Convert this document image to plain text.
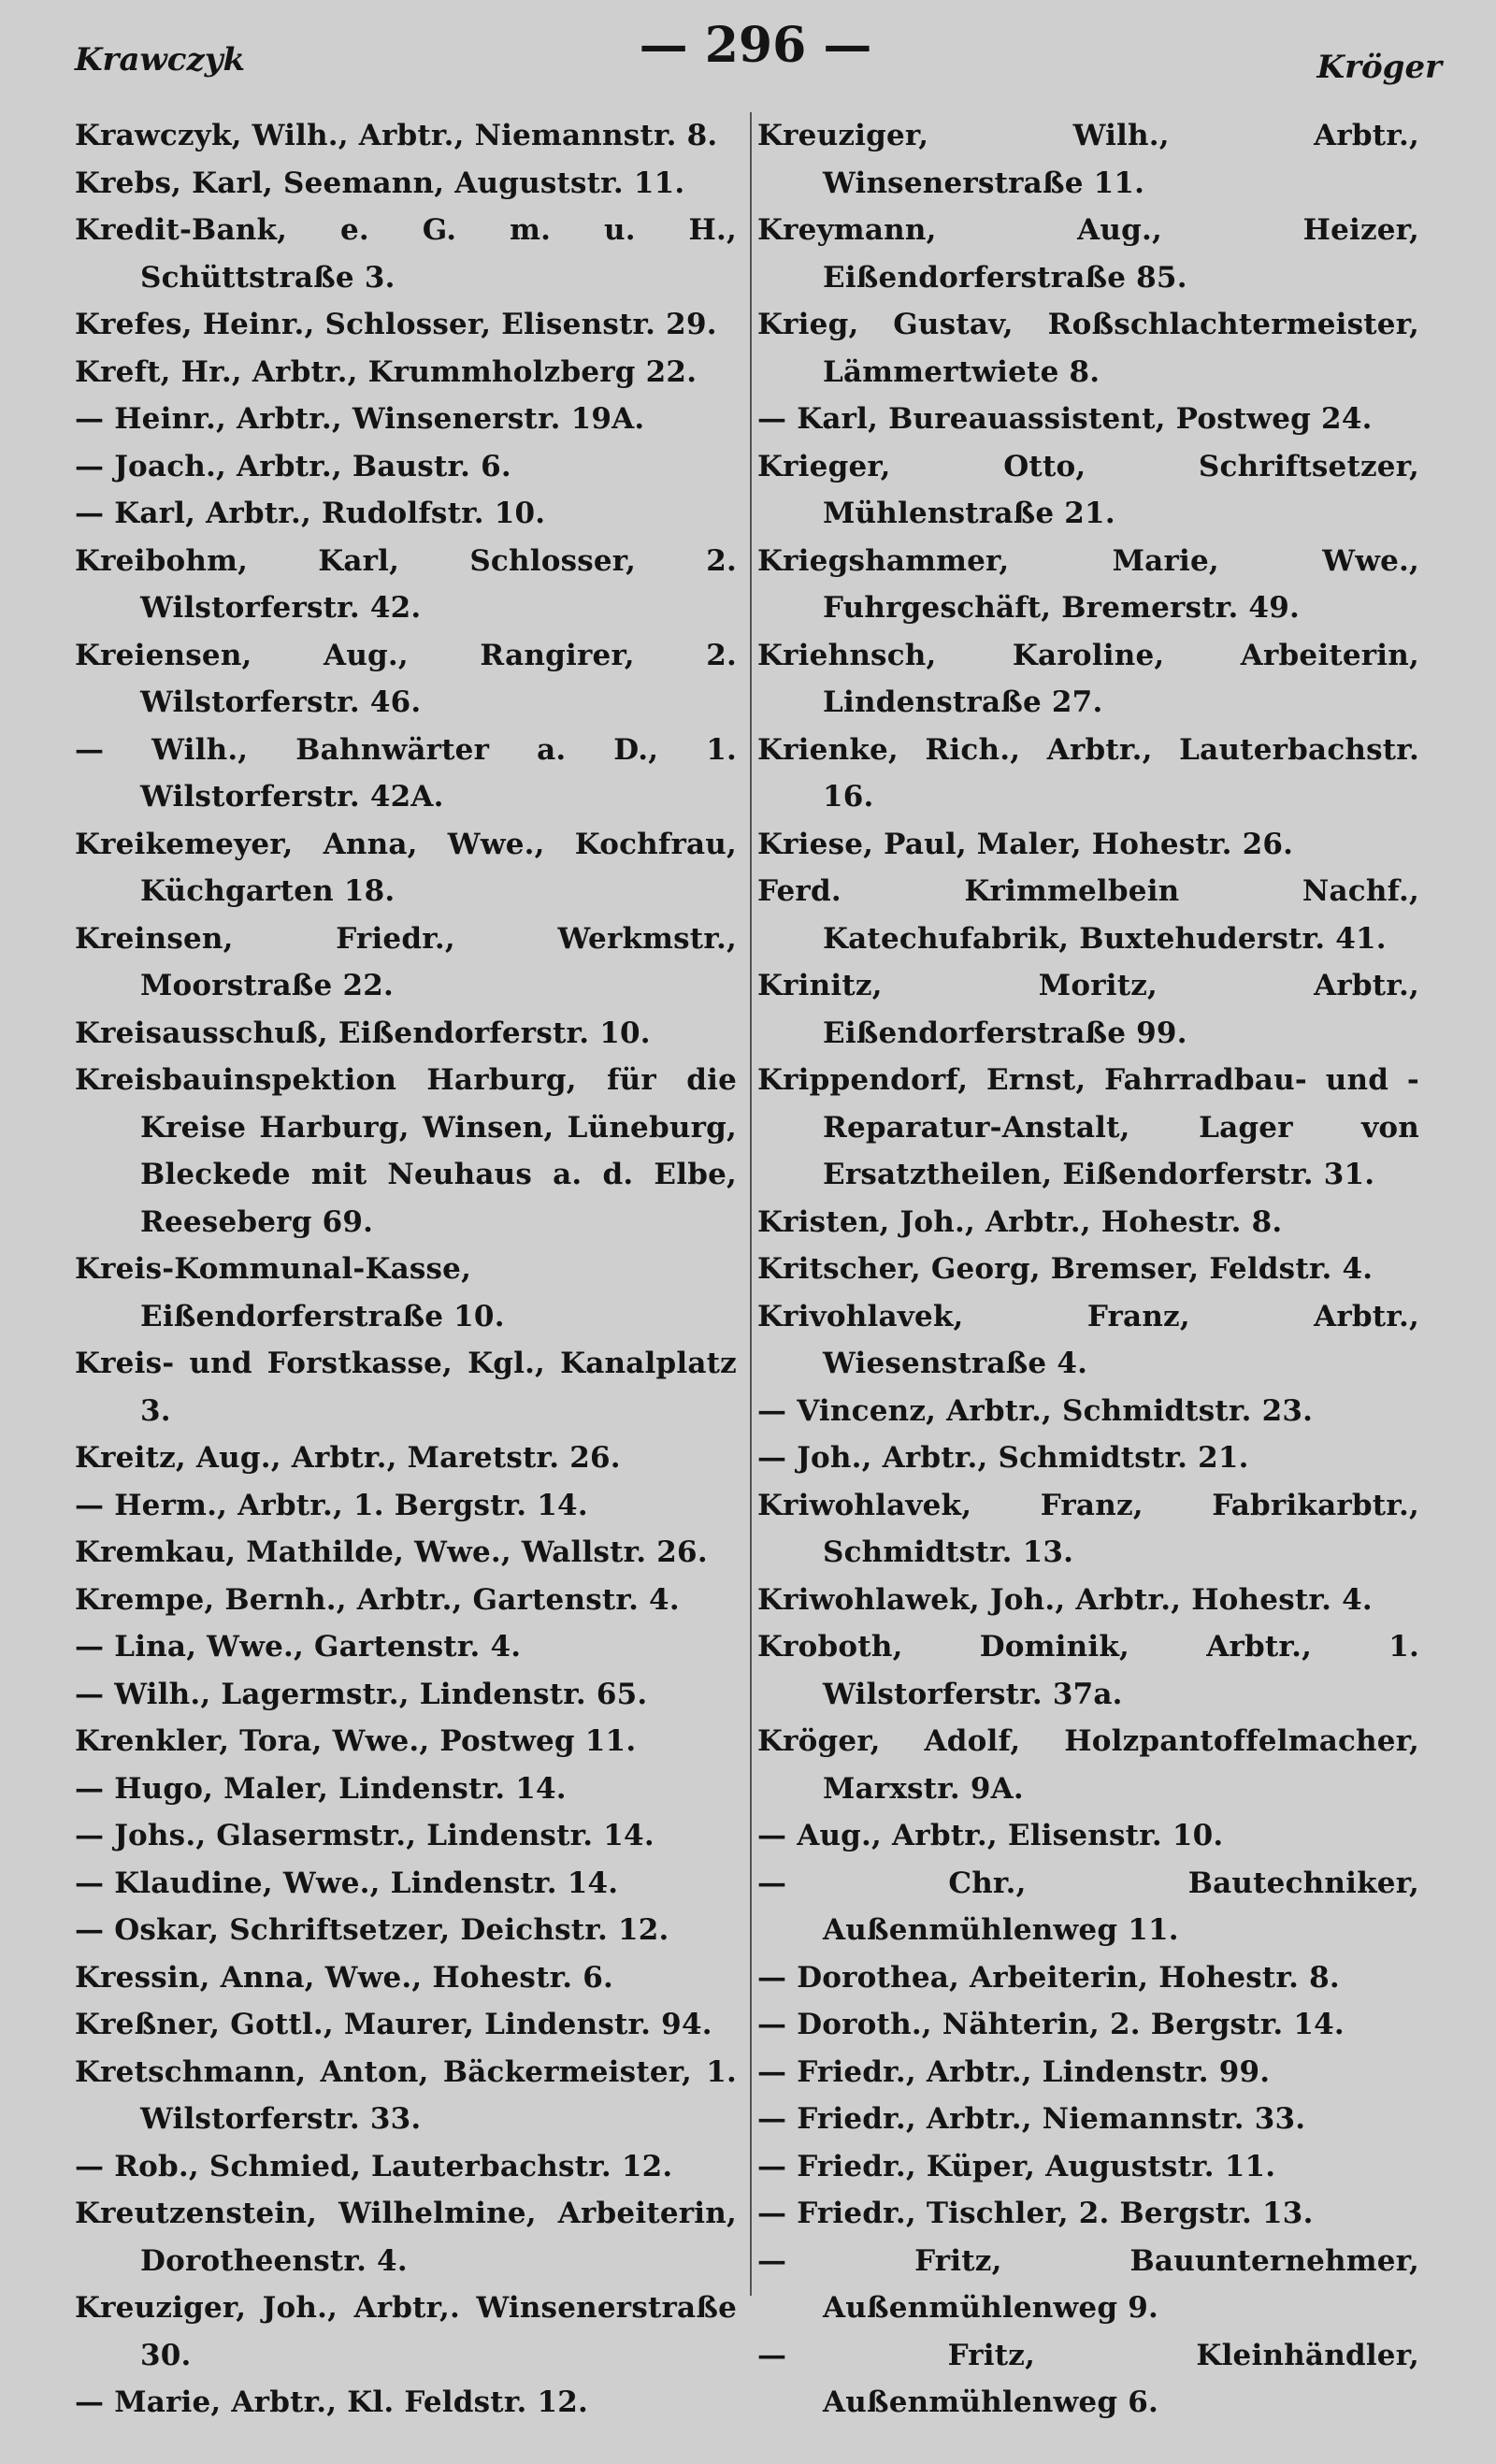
Krawczyk	— 296 —	Kröger
Krawczyk, Wilh., Arbtr., Niemannstr. 8.
Krebs, Karl, Seemann, Auguststr. 11.
Kredit-Bank, e. G. m. u. H., Schüttstraße 3.
Krefes, Heinr., Schlosser, Elisenstr. 29.
Kreft, Hr., Arbtr., Krummholzberg 22.
— Heinr., Arbtr., Winsenerstr. 19A.
— Joach., Arbtr., Baustr. 6.
— Karl, Arbtr., Rudolfstr. 10.
Kreibohm, Karl, Schlosser, 2. Wilstorferstr. 42.
Kreiensen, Aug., Rangirer, 2. Wilstorferstr. 46.
— Wilh., Bahnwärter a. D., 1. Wilstorferstr. 42A.
Kreikemeyer, Anna, Wwe., Kochfrau, Küchgarten 18.
Kreinsen, Friedr., Werkmstr., Moorstraße 22.
Kreisausschuß, Eißendorferstr. 10.
Kreisbauinspektion Harburg, für die Kreise Harburg, Winsen, Lüneburg, Bleckede mit Neuhaus a. d. Elbe, Reeseberg 69.
Kreis-Kommunal-Kasse, Eißendorferstraße 10.
Kreis- und Forstkasse, Kgl., Kanalplatz 3.
Kreitz, Aug., Arbtr., Maretstr. 26.
— Herm., Arbtr., 1. Bergstr. 14.
Kremkau, Mathilde, Wwe., Wallstr. 26.
Krempe, Bernh., Arbtr., Gartenstr. 4.
— Lina, Wwe., Gartenstr. 4.
— Wilh., Lagermstr., Lindenstr. 65.
Krenkler, Tora, Wwe., Postweg 11.
— Hugo, Maler, Lindenstr. 14.
— Johs., Glasermstr., Lindenstr. 14.
— Klaudine, Wwe., Lindenstr. 14.
— Oskar, Schriftsetzer, Deichstr. 12.
Kressin, Anna, Wwe., Hohestr. 6.
Kreßner, Gottl., Maurer, Lindenstr. 94.
Kretschmann, Anton, Bäckermeister, 1. Wilstorferstr. 33.
— Rob., Schmied, Lauterbachstr. 12.
Kreutzenstein, Wilhelmine, Arbeiterin, Dorotheenstr. 4.
Kreuziger, Joh., Arbtr,. Winsenerstraße 30.
— Marie, Arbtr., Kl. Feldstr. 12.
Kreuziger, Wilh., Arbtr., Winsenerstraße 11.
Kreymann, Aug., Heizer, Eißendorferstraße 85.
Krieg, Gustav, Roßschlachtermeister, Lämmertwiete 8.
— Karl, Bureauassistent, Postweg 24.
Krieger, Otto, Schriftsetzer, Mühlenstraße 21.
Kriegshammer, Marie, Wwe., Fuhrgeschäft, Bremerstr. 49.
Kriehnsch, Karoline, Arbeiterin, Lindenstraße 27.
Krienke, Rich., Arbtr., Lauterbachstr. 16.
Kriese, Paul, Maler, Hohestr. 26.
Ferd. Krimmelbein Nachf., Katechufabrik, Buxtehuderstr. 41.
Krinitz, Moritz, Arbtr., Eißendorferstraße 99.
Krippendorf, Ernst, Fahrradbau- und -Reparatur-Anstalt, Lager von Ersatztheilen, Eißendorferstr. 31.
Kristen, Joh., Arbtr., Hohestr. 8.
Kritscher, Georg, Bremser, Feldstr. 4.
Krivohlavek, Franz, Arbtr., Wiesenstraße 4.
— Vincenz, Arbtr., Schmidtstr. 23.
— Joh., Arbtr., Schmidtstr. 21.
Kriwohlavek, Franz, Fabrikarbtr., Schmidtstr. 13.
Kriwohlawek, Joh., Arbtr., Hohestr. 4.
Kroboth, Dominik, Arbtr., 1. Wilstorferstr. 37a.
Kröger, Adolf, Holzpantoffelmacher, Marxstr. 9A.
— Aug., Arbtr., Elisenstr. 10.
— Chr., Bautechniker, Außenmühlenweg 11.
— Dorothea, Arbeiterin, Hohestr. 8.
— Doroth., Nähterin, 2. Bergstr. 14.
— Friedr., Arbtr., Lindenstr. 99.
— Friedr., Arbtr., Niemannstr. 33.
— Friedr., Küper, Auguststr. 11.
— Friedr., Tischler, 2. Bergstr. 13.
— Fritz, Bauunternehmer, Außenmühlenweg 9.
— Fritz, Kleinhändler, Außenmühlenweg 6.
